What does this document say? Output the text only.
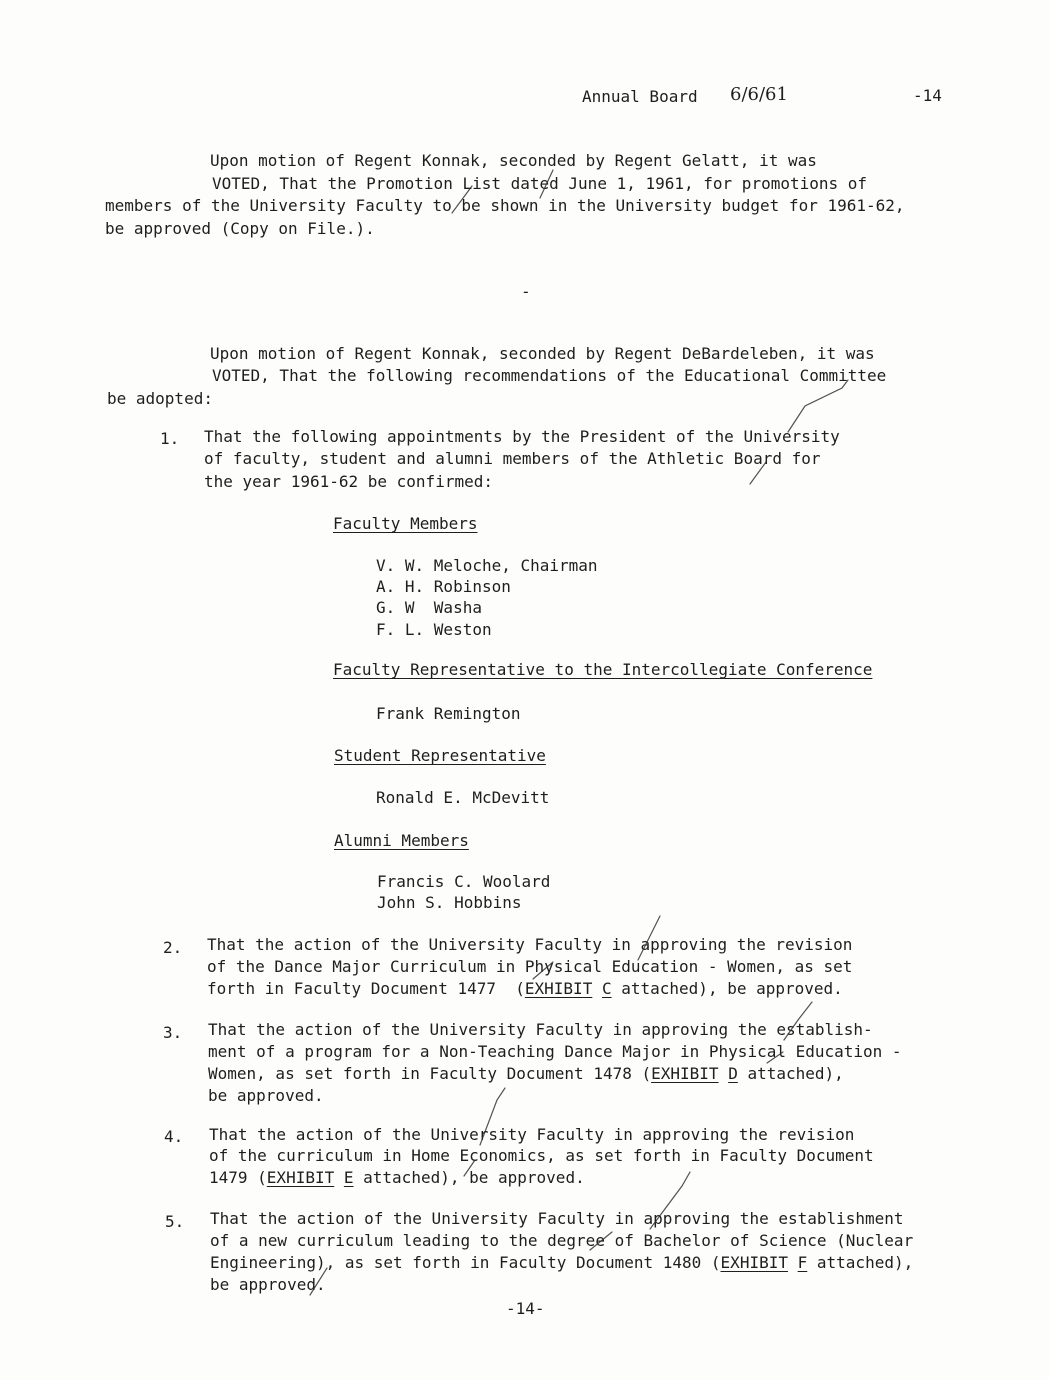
Annual Board 6/6/61	-14
Upon motion of Regent Konnak, seconded by Regent Gelatt, it was
VOTED, That the Promotion List dated June 1, 1961, for promotions of
members of the University Faculty to be shown in the University budget for 1961-62,
be approved (Copy on File.).
-
Upon motion of Regent Konnak, seconded by Regent DeBardeleben, it was
VOTED, That the following recommendations of the Educational Committee
be adopted:
1. That the following appointments by the President of the University
of faculty, student and alumni members of the Athletic Board for
the year 1961-62 be confirmed:
Faculty Members
V. W. Meloche, Chairman
A. H. Robinson
G. W  Washa
F. L. Weston
Faculty Representative to the Intercollegiate Conference
Frank Remington
Student Representative
Ronald E. McDevitt
Alumni Members
Francis C. Woolard
John S. Hobbins
2. That the action of the University Faculty in approving the revision
of the Dance Major Curriculum in Physical Education - Women, as set
forth in Faculty Document 1477  (EXHIBIT C attached), be approved.
3. That the action of the University Faculty in approving the establish-
ment of a program for a Non-Teaching Dance Major in Physical Education -
Women, as set forth in Faculty Document 1478 (EXHIBIT D attached),
be approved.
4. That the action of the University Faculty in approving the revision
of the curriculum in Home Economics, as set forth in Faculty Document
1479 (EXHIBIT E attached), be approved.
5. That the action of the University Faculty in approving the establishment
of a new curriculum leading to the degree of Bachelor of Science (Nuclear
Engineering), as set forth in Faculty Document 1480 (EXHIBIT F attached),
be approved.
-14-
